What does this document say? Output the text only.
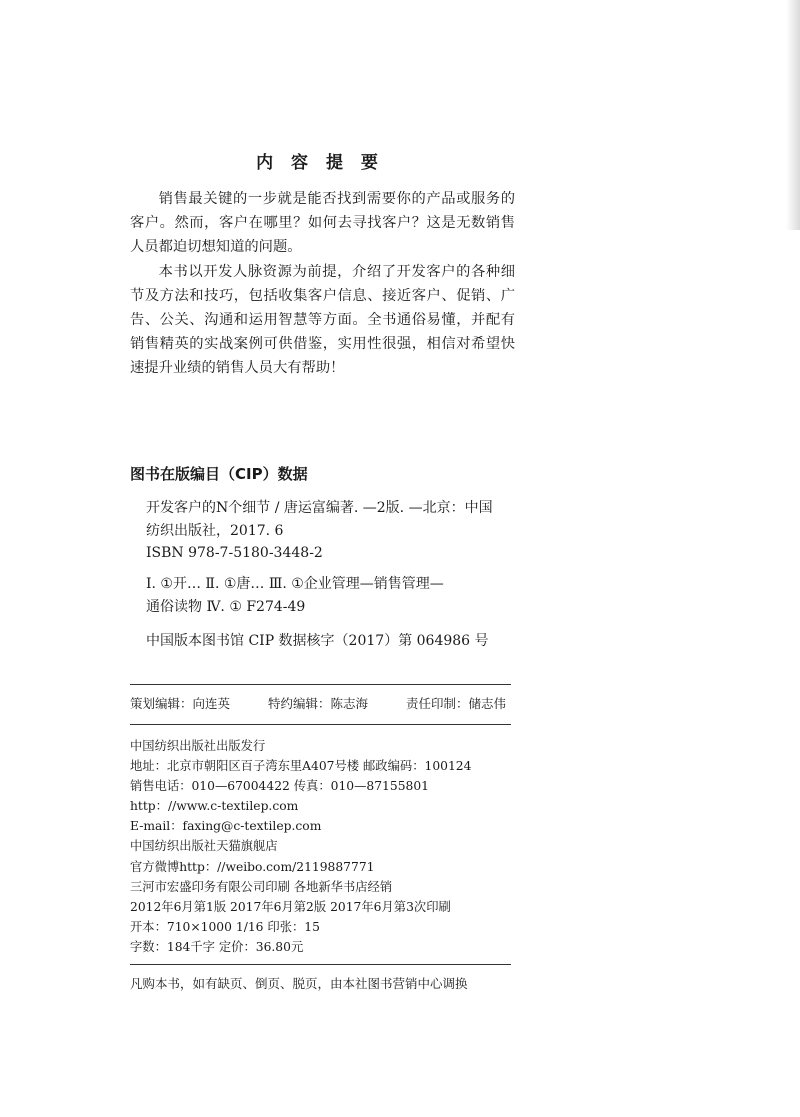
内 容 提 要

销售最关键的一步就是能否找到需要你的产品或服务的客户。然而，客户在哪里？如何去寻找客户？这是无数销售人员都迫切想知道的问题。

本书以开发人脉资源为前提，介绍了开发客户的各种细节及方法和技巧，包括收集客户信息、接近客户、促销、广告、公关、沟通和运用智慧等方面。全书通俗易懂，并配有销售精英的实战案例可供借鉴，实用性很强，相信对希望快速提升业绩的销售人员大有帮助！

图书在版编目（CIP）数据
开发客户的N个细节 / 唐运富编著. —2版. —北京：中国
纺织出版社，2017. 6
ISBN 978-7-5180-3448-2
Ⅰ. ①开… Ⅱ. ①唐… Ⅲ. ①企业管理—销售管理—
通俗读物 Ⅳ. ① F274-49
中国版本图书馆 CIP 数据核字（2017）第 064986 号
策划编辑：向连英	特约编辑：陈志海	责任印制：储志伟
中国纺织出版社出版发行
地址：北京市朝阳区百子湾东里A407号楼 邮政编码：100124
销售电话：010—67004422 传真：010—87155801
http：//www.c-textilep.com
E-mail：faxing@c-textilep.com
中国纺织出版社天猫旗舰店
官方微博http：//weibo.com/2119887771
三河市宏盛印务有限公司印刷 各地新华书店经销
2012年6月第1版 2017年6月第2版 2017年6月第3次印刷
开本：710×1000 1/16 印张：15
字数：184千字 定价：36.80元
凡购本书，如有缺页、倒页、脱页，由本社图书营销中心调换
